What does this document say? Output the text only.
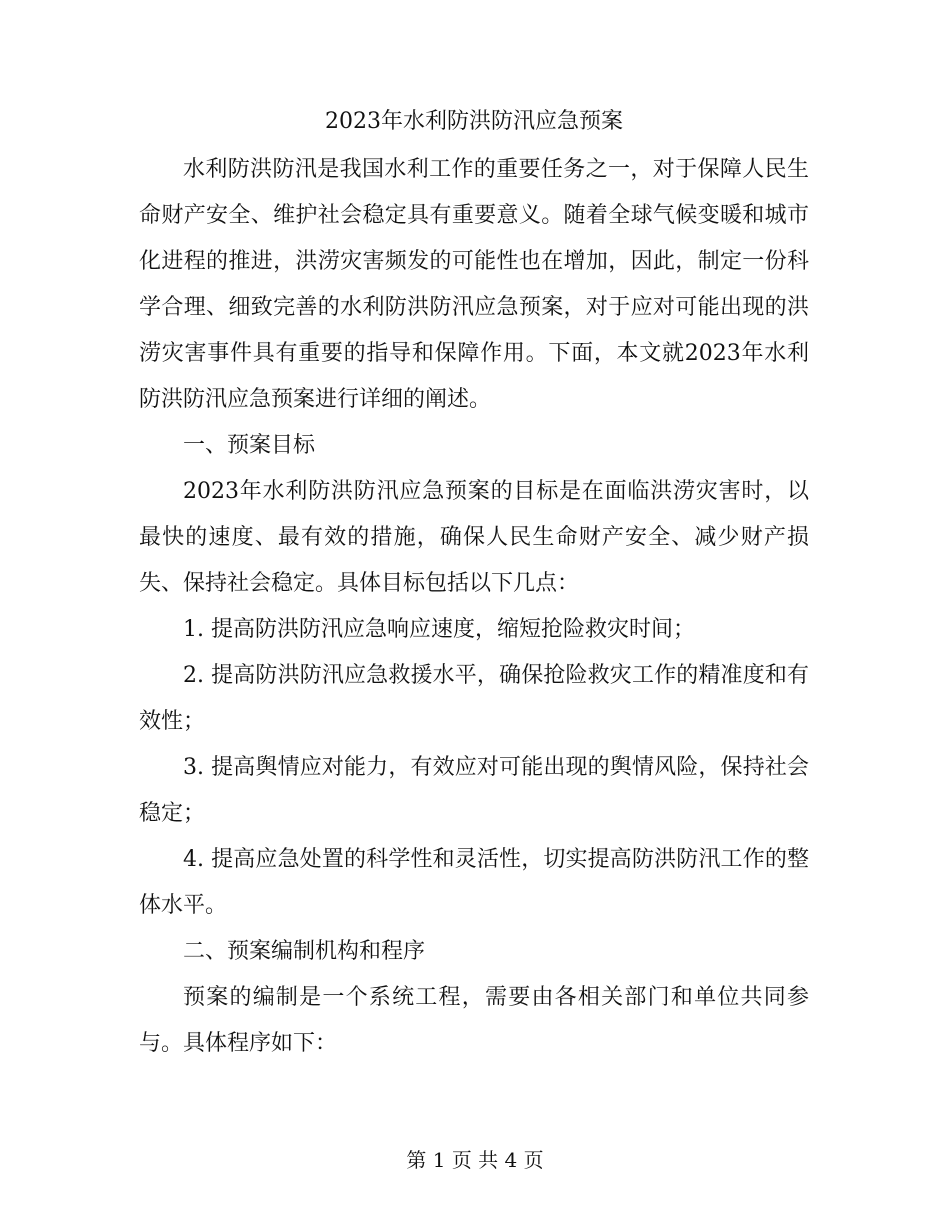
2023年水利防洪防汛应急预案

水利防洪防汛是我国水利工作的重要任务之一，对于保障人民生命财产安全、维护社会稳定具有重要意义。随着全球气候变暖和城市化进程的推进，洪涝灾害频发的可能性也在增加，因此，制定一份科学合理、细致完善的水利防洪防汛应急预案，对于应对可能出现的洪涝灾害事件具有重要的指导和保障作用。下面，本文就2023年水利防洪防汛应急预案进行详细的阐述。

一、预案目标

2023年水利防洪防汛应急预案的目标是在面临洪涝灾害时，以最快的速度、最有效的措施，确保人民生命财产安全、减少财产损失、保持社会稳定。具体目标包括以下几点：

1. 提高防洪防汛应急响应速度，缩短抢险救灾时间；

2. 提高防洪防汛应急救援水平，确保抢险救灾工作的精准度和有效性；

3. 提高舆情应对能力，有效应对可能出现的舆情风险，保持社会稳定；

4. 提高应急处置的科学性和灵活性，切实提高防洪防汛工作的整体水平。

二、预案编制机构和程序

预案的编制是一个系统工程，需要由各相关部门和单位共同参与。具体程序如下：

第 1 页 共 4 页
